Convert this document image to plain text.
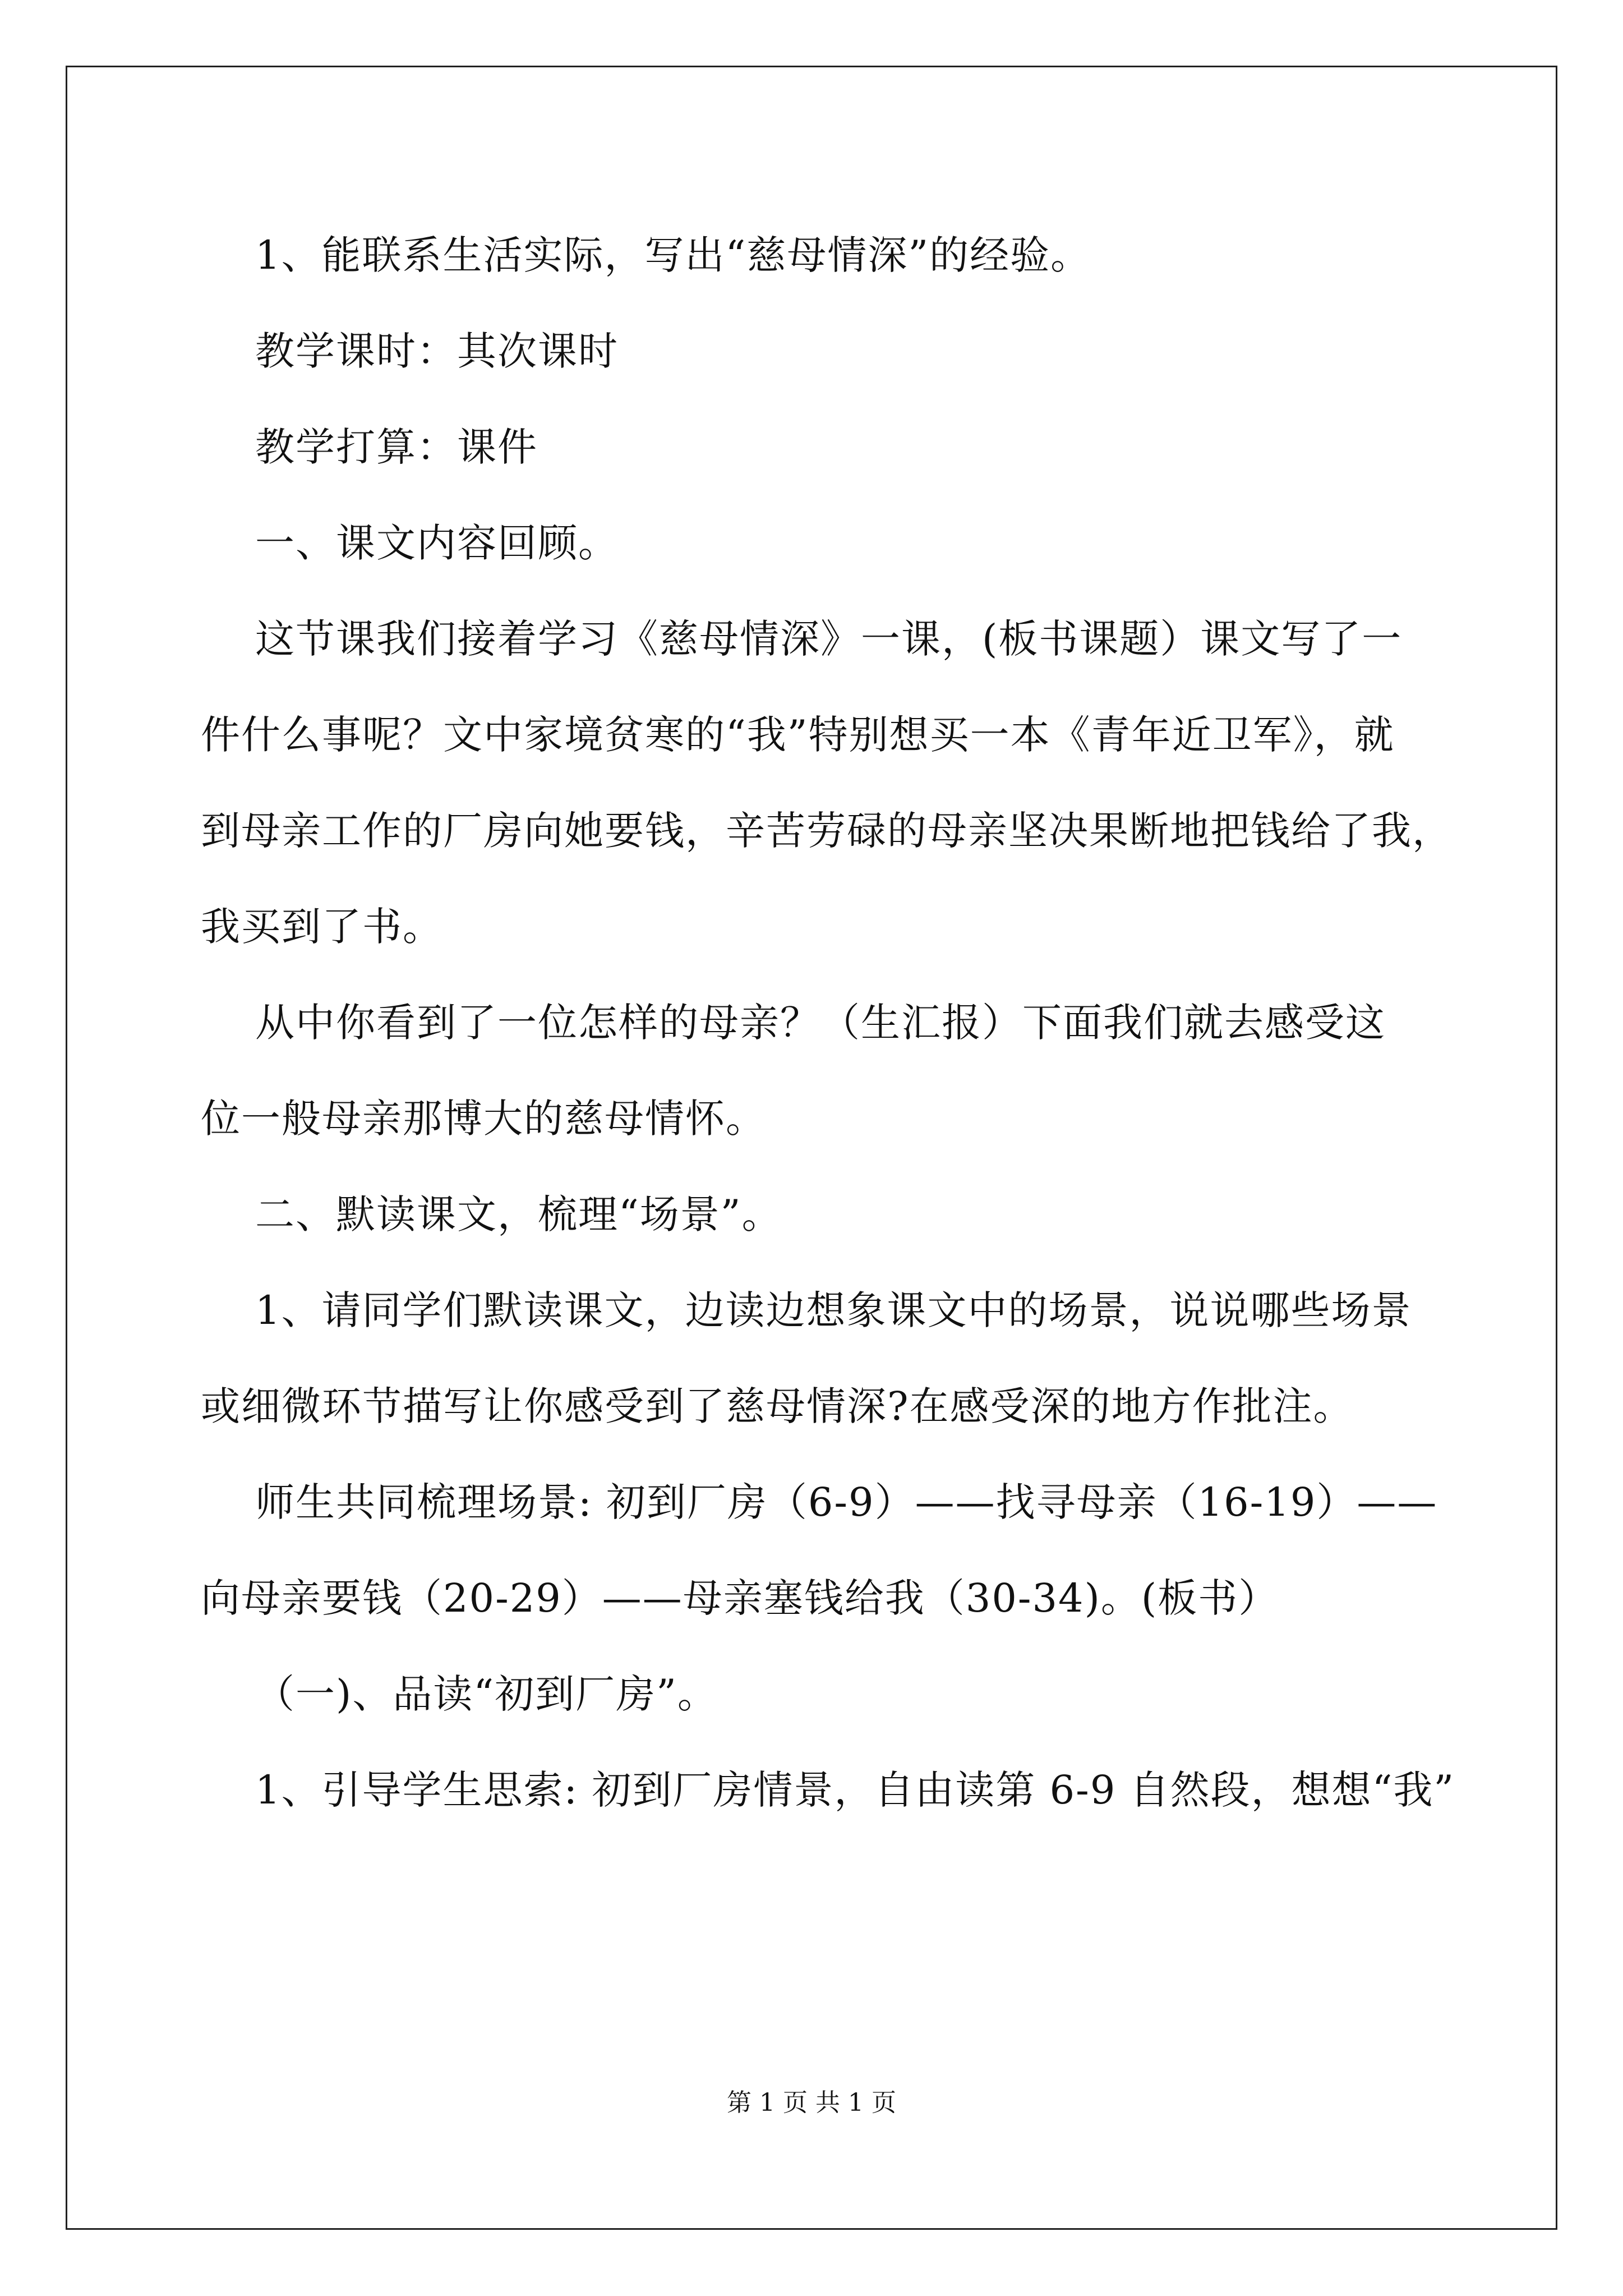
1、能联系生活实际，写出“慈母情深”的经验。

教学课时：其次课时

教学打算：课件

一、课文内容回顾。

这节课我们接着学习《慈母情深》一课，(板书课题）课文写了一

件什么事呢？文中家境贫寒的“我”特别想买一本《青年近卫军》，就

到母亲工作的厂房向她要钱，辛苦劳碌的母亲坚决果断地把钱给了我，

我买到了书。

从中你看到了一位怎样的母亲？（生汇报）下面我们就去感受这

位一般母亲那博大的慈母情怀。

二、默读课文，梳理“场景”。

1、请同学们默读课文，边读边想象课文中的场景，说说哪些场景

或细微环节描写让你感受到了慈母情深?在感受深的地方作批注。

师生共同梳理场景: 初到厂房（6-9）——找寻母亲（16-19）——

向母亲要钱（20-29）——母亲塞钱给我（30-34)。(板书）

（一)、品读“初到厂房”。

1、引导学生思索: 初到厂房情景，自由读第 6-9 自然段，想想“我”

第 1 页 共 1 页
